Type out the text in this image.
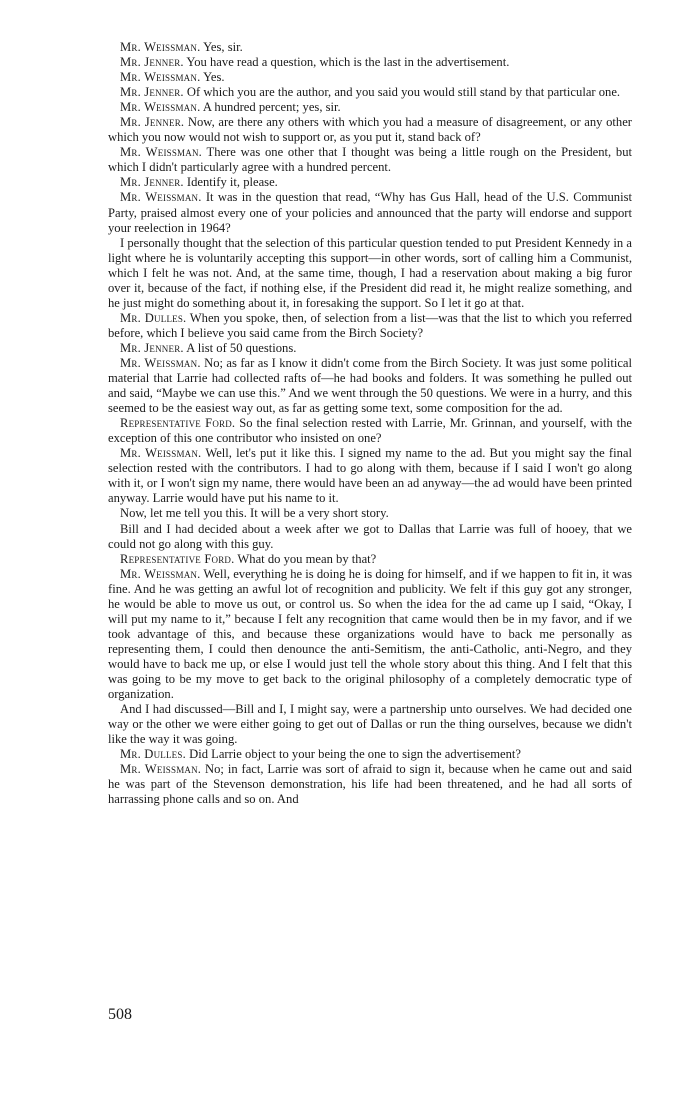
Mr. Weissman. Yes, sir.

Mr. Jenner. You have read a question, which is the last in the advertisement.

Mr. Weissman. Yes.

Mr. Jenner. Of which you are the author, and you said you would still stand by that particular one.

Mr. Weissman. A hundred percent; yes, sir.

Mr. Jenner. Now, are there any others with which you had a measure of disagreement, or any other which you now would not wish to support or, as you put it, stand back of?

Mr. Weissman. There was one other that I thought was being a little rough on the President, but which I didn't particularly agree with a hundred percent.

Mr. Jenner. Identify it, please.

Mr. Weissman. It was in the question that read, “Why has Gus Hall, head of the U.S. Communist Party, praised almost every one of your policies and announced that the party will endorse and support your reelection in 1964?

I personally thought that the selection of this particular question tended to put President Kennedy in a light where he is voluntarily accepting this support—in other words, sort of calling him a Communist, which I felt he was not. And, at the same time, though, I had a reservation about making a big furor over it, because of the fact, if nothing else, if the President did read it, he might realize something, and he just might do something about it, in foresaking the support. So I let it go at that.

Mr. Dulles. When you spoke, then, of selection from a list—was that the list to which you referred before, which I believe you said came from the Birch Society?

Mr. Jenner. A list of 50 questions.

Mr. Weissman. No; as far as I know it didn't come from the Birch Society. It was just some political material that Larrie had collected rafts of—he had books and folders. It was something he pulled out and said, “Maybe we can use this.” And we went through the 50 questions. We were in a hurry, and this seemed to be the easiest way out, as far as getting some text, some composition for the ad.

Representative Ford. So the final selection rested with Larrie, Mr. Grinnan, and yourself, with the exception of this one contributor who insisted on one?

Mr. Weissman. Well, let's put it like this. I signed my name to the ad. But you might say the final selection rested with the contributors. I had to go along with them, because if I said I won't go along with it, or I won't sign my name, there would have been an ad anyway—the ad would have been printed anyway. Larrie would have put his name to it.

Now, let me tell you this. It will be a very short story.

Bill and I had decided about a week after we got to Dallas that Larrie was full of hooey, that we could not go along with this guy.

Representative Ford. What do you mean by that?

Mr. Weissman. Well, everything he is doing he is doing for himself, and if we happen to fit in, it was fine. And he was getting an awful lot of recognition and publicity. We felt if this guy got any stronger, he would be able to move us out, or control us. So when the idea for the ad came up I said, “Okay, I will put my name to it,” because I felt any recognition that came would then be in my favor, and if we took advantage of this, and because these organizations would have to back me personally as representing them, I could then denounce the anti-Semitism, the anti-Catholic, anti-Negro, and they would have to back me up, or else I would just tell the whole story about this thing. And I felt that this was going to be my move to get back to the original philosophy of a completely democratic type of organization.

And I had discussed—Bill and I, I might say, were a partnership unto ourselves. We had decided one way or the other we were either going to get out of Dallas or run the thing ourselves, because we didn't like the way it was going.

Mr. Dulles. Did Larrie object to your being the one to sign the advertisement?

Mr. Weissman. No; in fact, Larrie was sort of afraid to sign it, because when he came out and said he was part of the Stevenson demonstration, his life had been threatened, and he had all sorts of harrassing phone calls and so on. And

508
